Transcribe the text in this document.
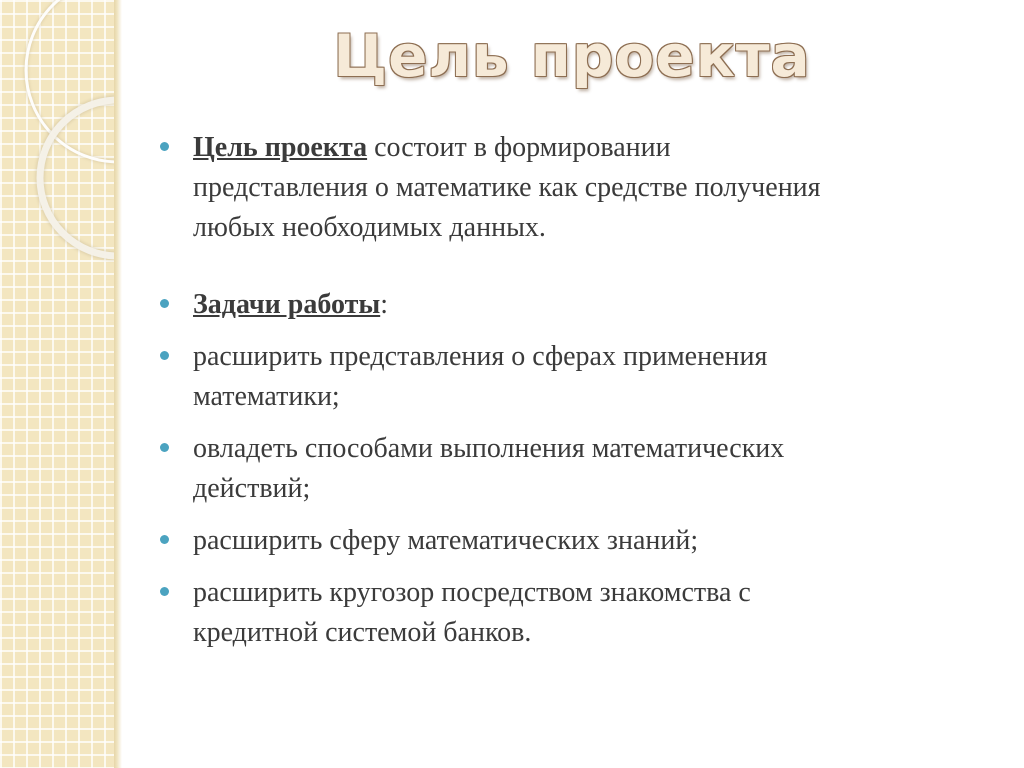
Цель проекта
Цель проекта состоит в формировании
представления о математике как средстве получения
любых необходимых данных.
Задачи работы:
расширить представления о сферах применения
математики;
овладеть способами выполнения математических
действий;
расширить сферу математических знаний;
расширить кругозор посредством знакомства с
кредитной системой банков.
